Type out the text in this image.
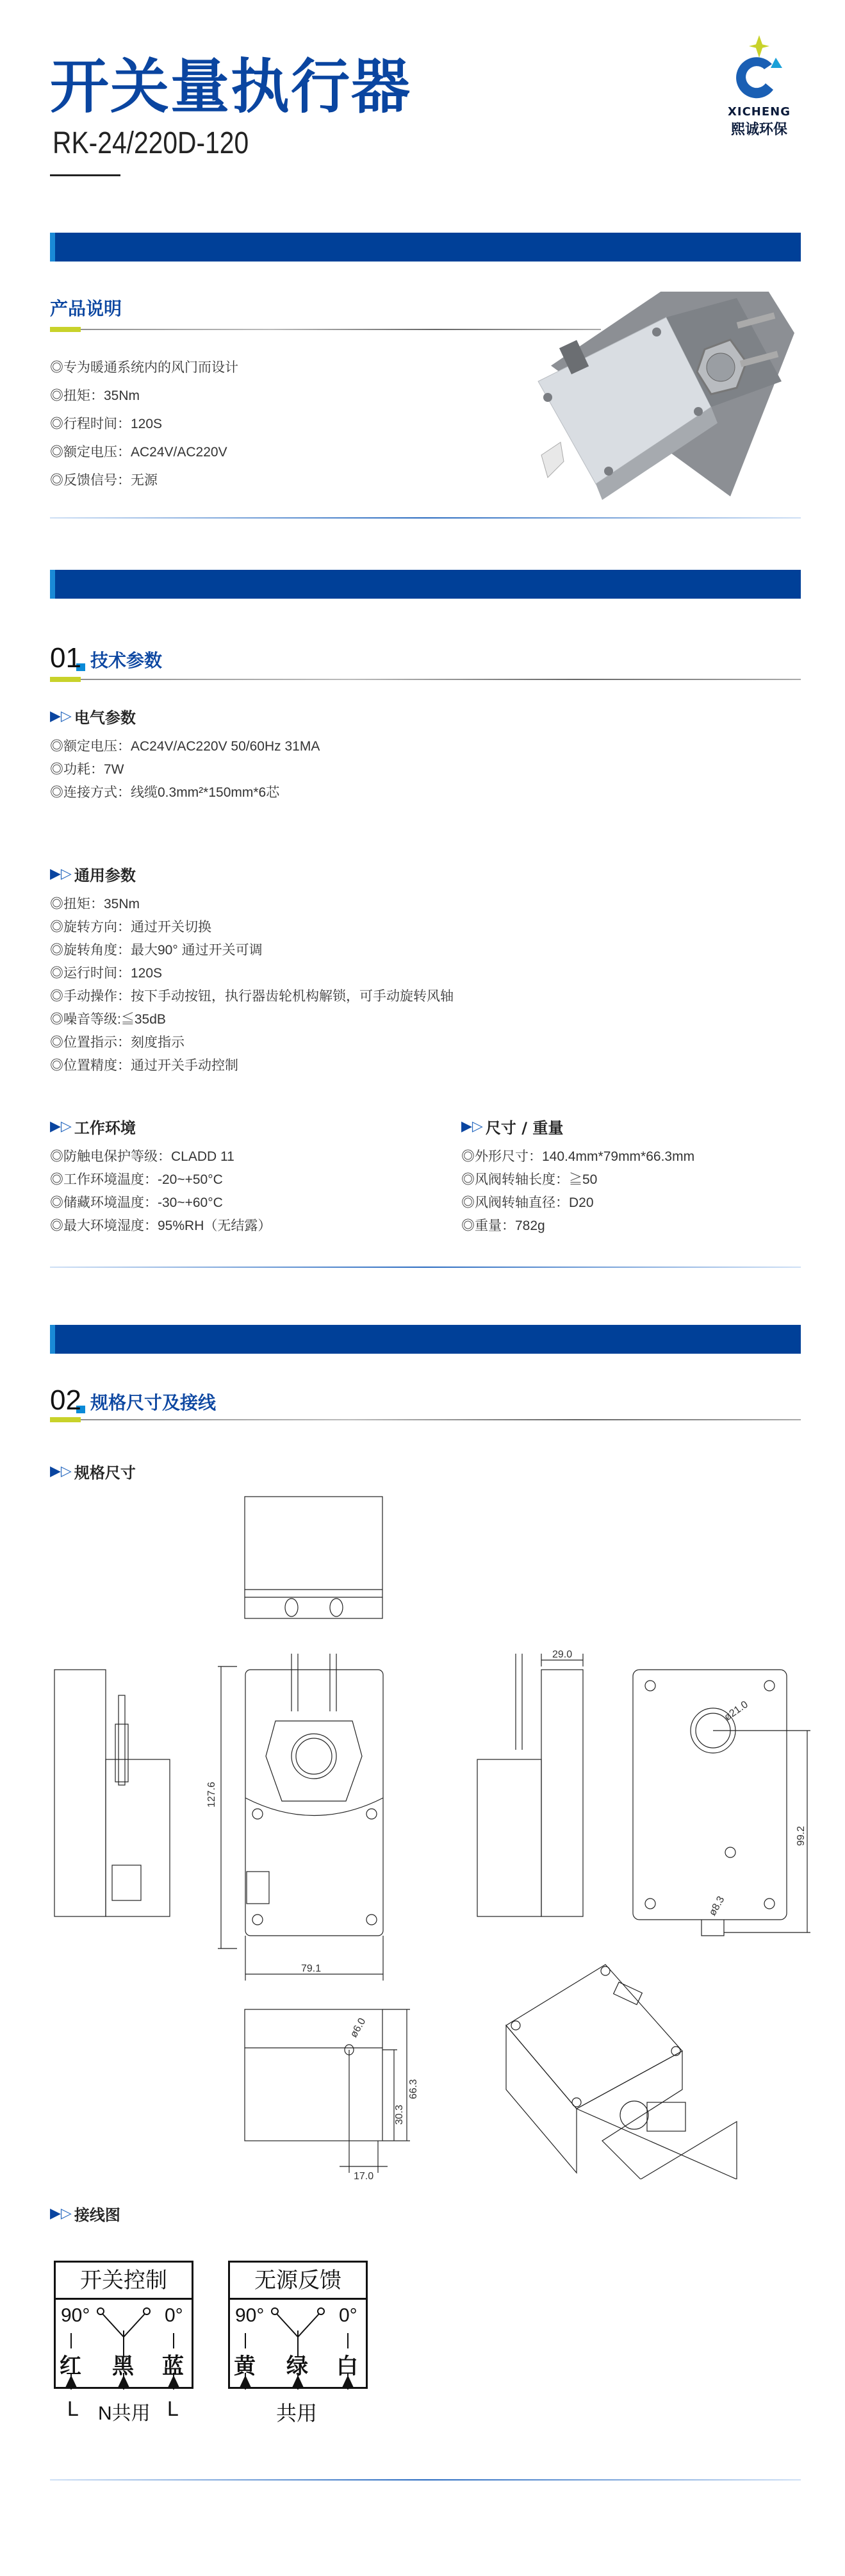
开关量执行器
RK-24/220D-120
XICHENG
熙诚环保
产品说明
◎专为暖通系统内的风门而设计
◎扭矩：35Nm
◎行程时间：120S
◎额定电压：AC24V/AC220V
◎反馈信号：无源
01 技术参数
▶ ▷ 电气参数
◎额定电压：AC24V/AC220V 50/60Hz 31MA
◎功耗：7W
◎连接方式：线缆0.3mm²*150mm*6芯
▶ ▷ 通用参数
◎扭矩：35Nm
◎旋转方向：通过开关切换
◎旋转角度：最大90° 通过开关可调
◎运行时间：120S
◎手动操作：按下手动按钮，执行器齿轮机构解锁，可手动旋转风轴
◎噪音等级:≦35dB
◎位置指示：刻度指示
◎位置精度：通过开关手动控制
▶ ▷ 工作环境
◎防触电保护等级：CLADD 11
◎工作环境温度：-20~+50°C
◎储藏环境温度：-30~+60°C
◎最大环境湿度：95%RH（无结露）
▶ ▷ 尺寸 / 重量
◎外形尺寸：140.4mm*79mm*66.3mm
◎风阀转轴长度：≧50
◎风阀转轴直径：D20
◎重量：782g
02 规格尺寸及接线
▶ ▷ 规格尺寸
127.6
79.1
29.0
ø21.0
99.2
ø8.3
ø6.0
66.3
30.3
17.0
▶ ▷ 接线图
开关控制
90°	0°
红 黑 蓝
L N共用 L
无源反馈
90°	0°
黄 绿 白
共用
